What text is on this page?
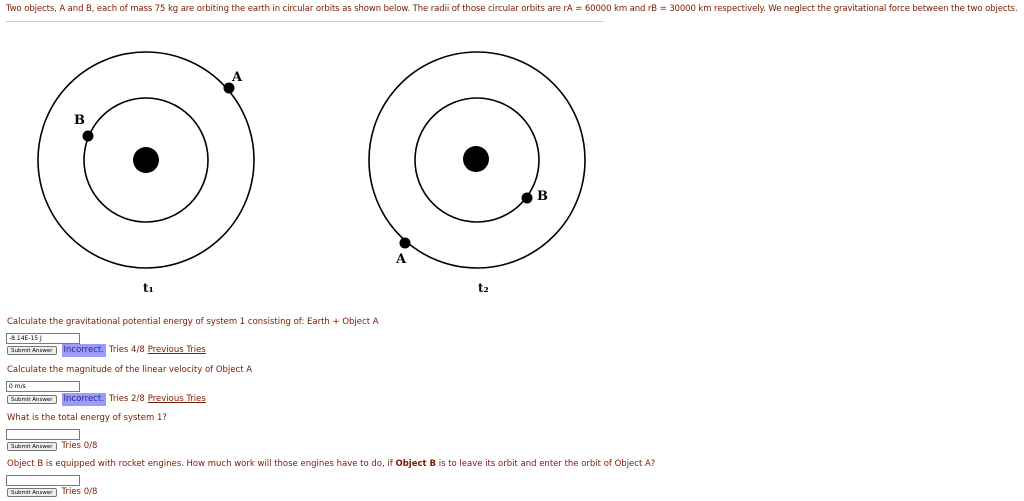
Two objects, A and B, each of mass 75 kg are orbiting the earth in circular orbits as shown below. The radii of those circular orbits are rA = 60000 km and rB = 30000 km respectively. We neglect the gravitational force between the two objects.
A
B
t₁
A
B
t₂
Calculate the gravitational potential energy of system 1 consisting of: Earth + Object A
-8.14E-15 J
Submit Answer	Incorrect. Tries 4/8 Previous Tries
Calculate the magnitude of the linear velocity of Object A
0 m/s
Submit Answer	Incorrect. Tries 2/8 Previous Tries
What is the total energy of system 1?
Submit Answer	Tries 0/8
Object B is equipped with rocket engines. How much work will those engines have to do, if Object B is to leave its orbit and enter the orbit of Object A?
Submit Answer	Tries 0/8
